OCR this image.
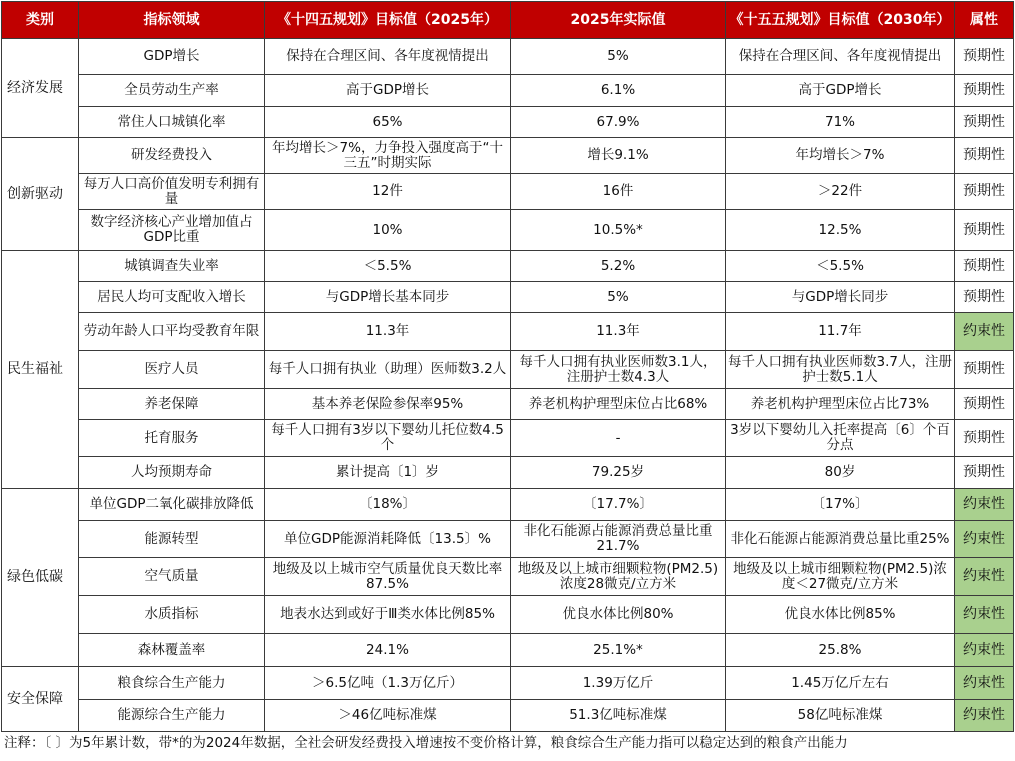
类别	指标领域	《十四五规划》目标值（2025年）	2025年实际值	《十五五规划》目标值（2030年）	属性
经济发展	GDP增长	保持在合理区间、各年度视情提出	5%	保持在合理区间、各年度视情提出	预期性
	全员劳动生产率	高于GDP增长	6.1%	高于GDP增长	预期性
	常住人口城镇化率	65%	67.9%	71%	预期性
创新驱动	研发经费投入	年均增长＞7%，力争投入强度高于“十三五”时期实际	增长9.1%	年均增长＞7%	预期性
	每万人口高价值发明专利拥有量	12件	16件	＞22件	预期性
	数字经济核心产业增加值占GDP比重	10%	10.5%*	12.5%	预期性
民生福祉	城镇调查失业率	＜5.5%	5.2%	＜5.5%	预期性
	居民人均可支配收入增长	与GDP增长基本同步	5%	与GDP增长同步	预期性
	劳动年龄人口平均受教育年限	11.3年	11.3年	11.7年	约束性
	医疗人员	每千人口拥有执业（助理）医师数3.2人	每千人口拥有执业医师数3.1人，注册护士数4.3人	每千人口拥有执业医师数3.7人，注册护士数5.1人	预期性
	养老保障	基本养老保险参保率95%	养老机构护理型床位占比68%	养老机构护理型床位占比73%	预期性
	托育服务	每千人口拥有3岁以下婴幼儿托位数4.5个	-	3岁以下婴幼儿入托率提高〔6〕个百分点	预期性
	人均预期寿命	累计提高〔1〕岁	79.25岁	80岁	预期性
绿色低碳	单位GDP二氧化碳排放降低	〔18%〕	〔17.7%〕	〔17%〕	约束性
	能源转型	单位GDP能源消耗降低〔13.5〕%	非化石能源占能源消费总量比重21.7%	非化石能源占能源消费总量比重25%	约束性
	空气质量	地级及以上城市空气质量优良天数比率87.5%	地级及以上城市细颗粒物(PM2.5)浓度28微克/立方米	地级及以上城市细颗粒物(PM2.5)浓度＜27微克/立方米	约束性
	水质指标	地表水达到或好于Ⅲ类水体比例85%	优良水体比例80%	优良水体比例85%	约束性
	森林覆盖率	24.1%	25.1%*	25.8%	约束性
安全保障	粮食综合生产能力	＞6.5亿吨（1.3万亿斤）	1.39万亿斤	1.45万亿斤左右	约束性
	能源综合生产能力	＞46亿吨标准煤	51.3亿吨标准煤	58亿吨标准煤	约束性
注释：〔 〕为5年累计数，带*的为2024年数据，全社会研发经费投入增速按不变价格计算，粮食综合生产能力指可以稳定达到的粮食产出能力
